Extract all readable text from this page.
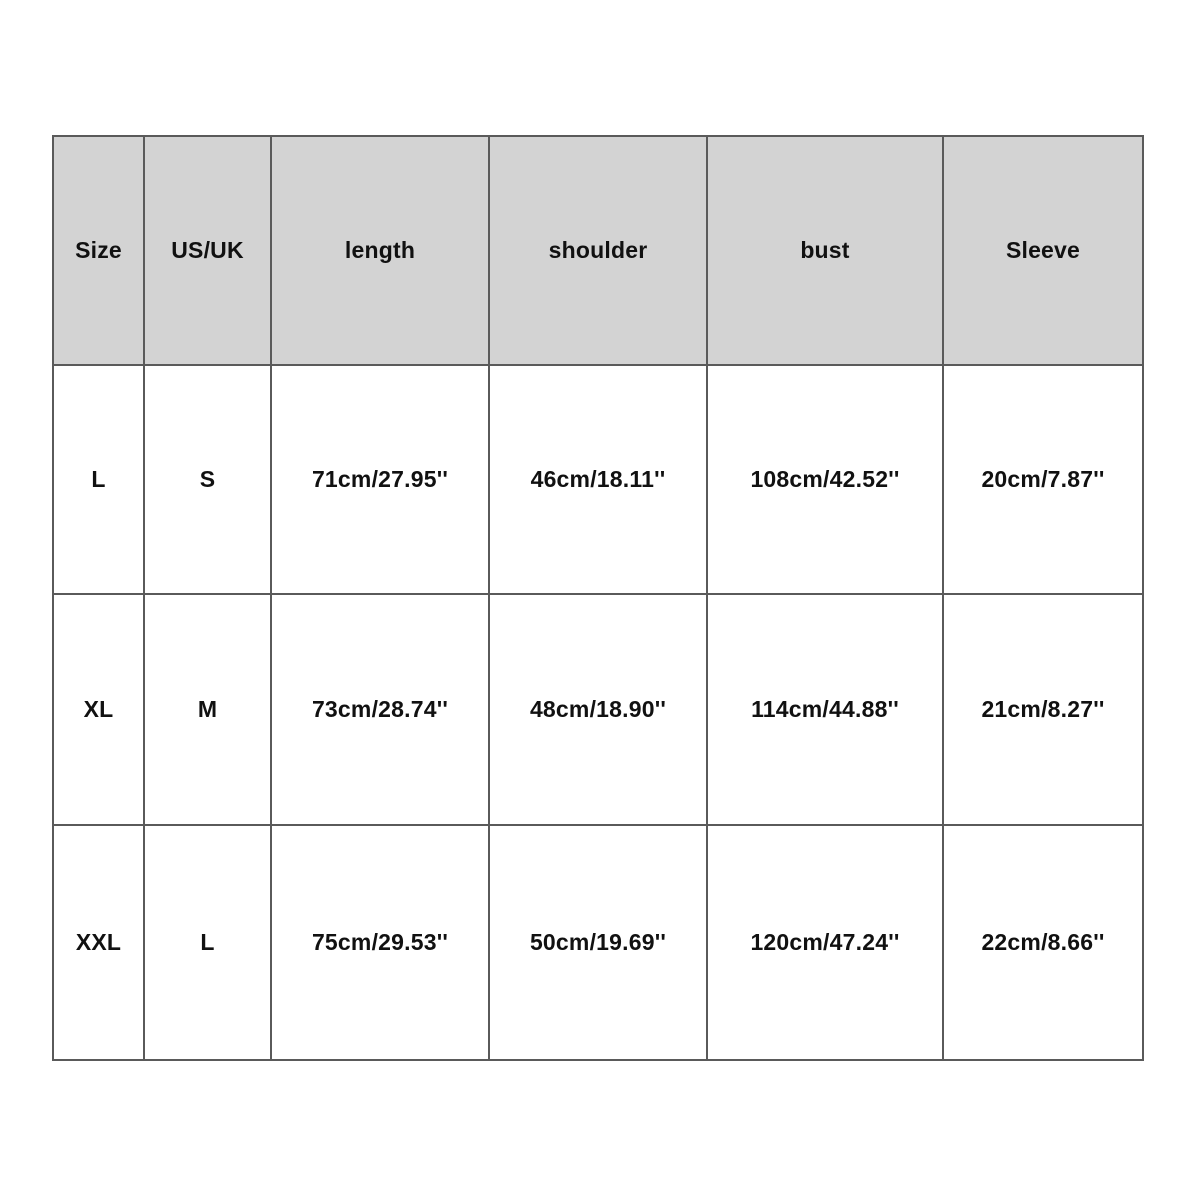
Size	US/UK	length	shoulder	bust	Sleeve
L	S	71cm/27.95''	46cm/18.11''	108cm/42.52''	20cm/7.87''
XL	M	73cm/28.74''	48cm/18.90''	114cm/44.88''	21cm/8.27''
XXL	L	75cm/29.53''	50cm/19.69''	120cm/47.24''	22cm/8.66''
